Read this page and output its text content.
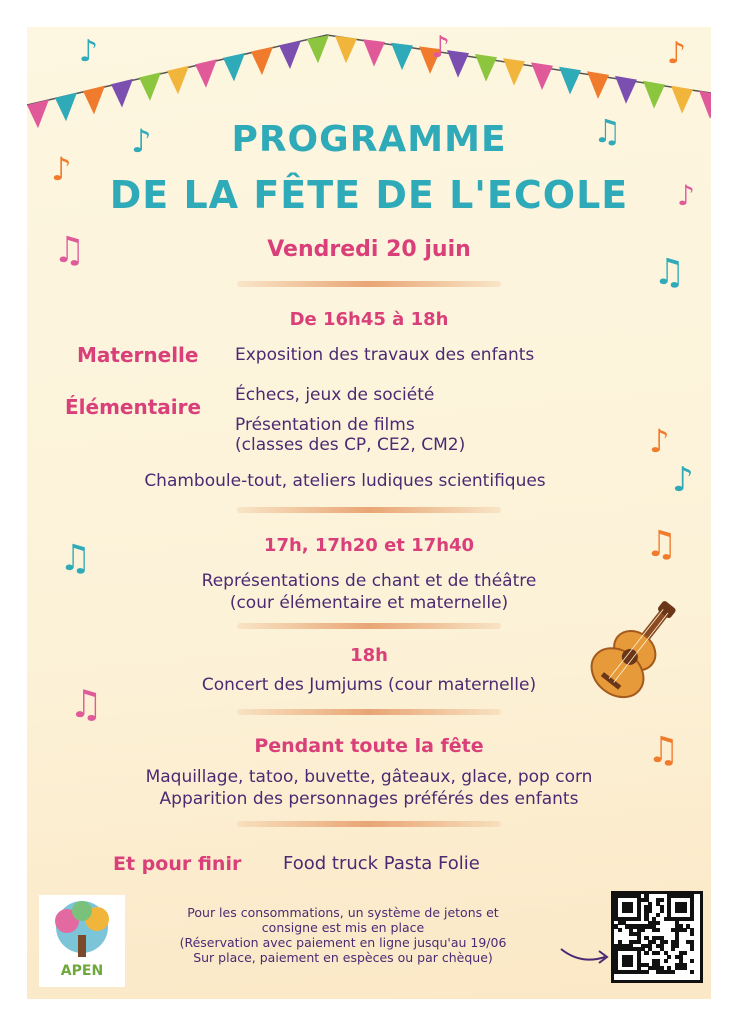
♪	♪	♪
♪
♪
♫
♪
♫
♫
♪
♪
♫	♫
♫
♫
PROGRAMME
DE LA FÊTE DE L'ECOLE
Vendredi 20 juin
De 16h45 à 18h
Maternelle Exposition des travaux des enfants
Élémentaire Échecs, jeux de société
Présentation de films
(classes des CP, CE2, CM2)
Chamboule-tout, ateliers ludiques scientifiques
17h, 17h20 et 17h40
Représentations de chant et de théâtre
(cour élémentaire et maternelle)
18h
Concert des Jumjums (cour maternelle)
Pendant toute la fête
Maquillage, tatoo, buvette, gâteaux, glace, pop corn
Apparition des personnages préférés des enfants
Et pour finir Food truck Pasta Folie
APEN
Pour les consommations, un système de jetons et
consigne est mis en place
(Réservation avec paiement en ligne jusqu'au 19/06
Sur place, paiement en espèces ou par chèque)
